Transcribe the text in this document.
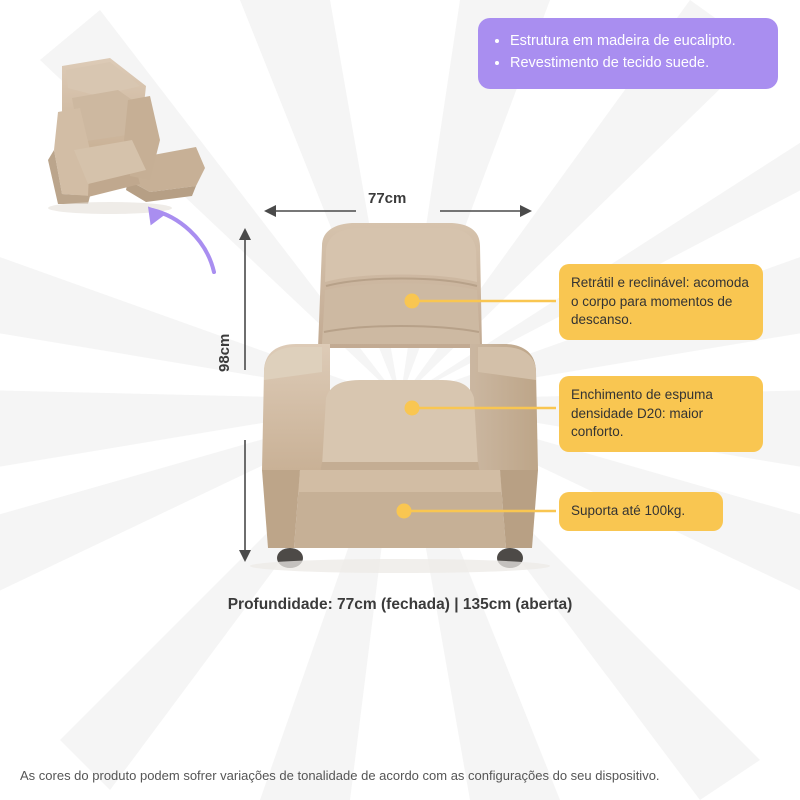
• Estrutura em madeira de eucalipto.
• Revestimento de tecido suede.
Retrátil e reclinável: acomoda o corpo para momentos de descanso.
Enchimento de espuma densidade D20: maior conforto.
Suporta até 100kg.
77cm
98cm
Profundidade: 77cm (fechada) | 135cm (aberta)
As cores do produto podem sofrer variações de tonalidade de acordo com as configurações do seu dispositivo.
